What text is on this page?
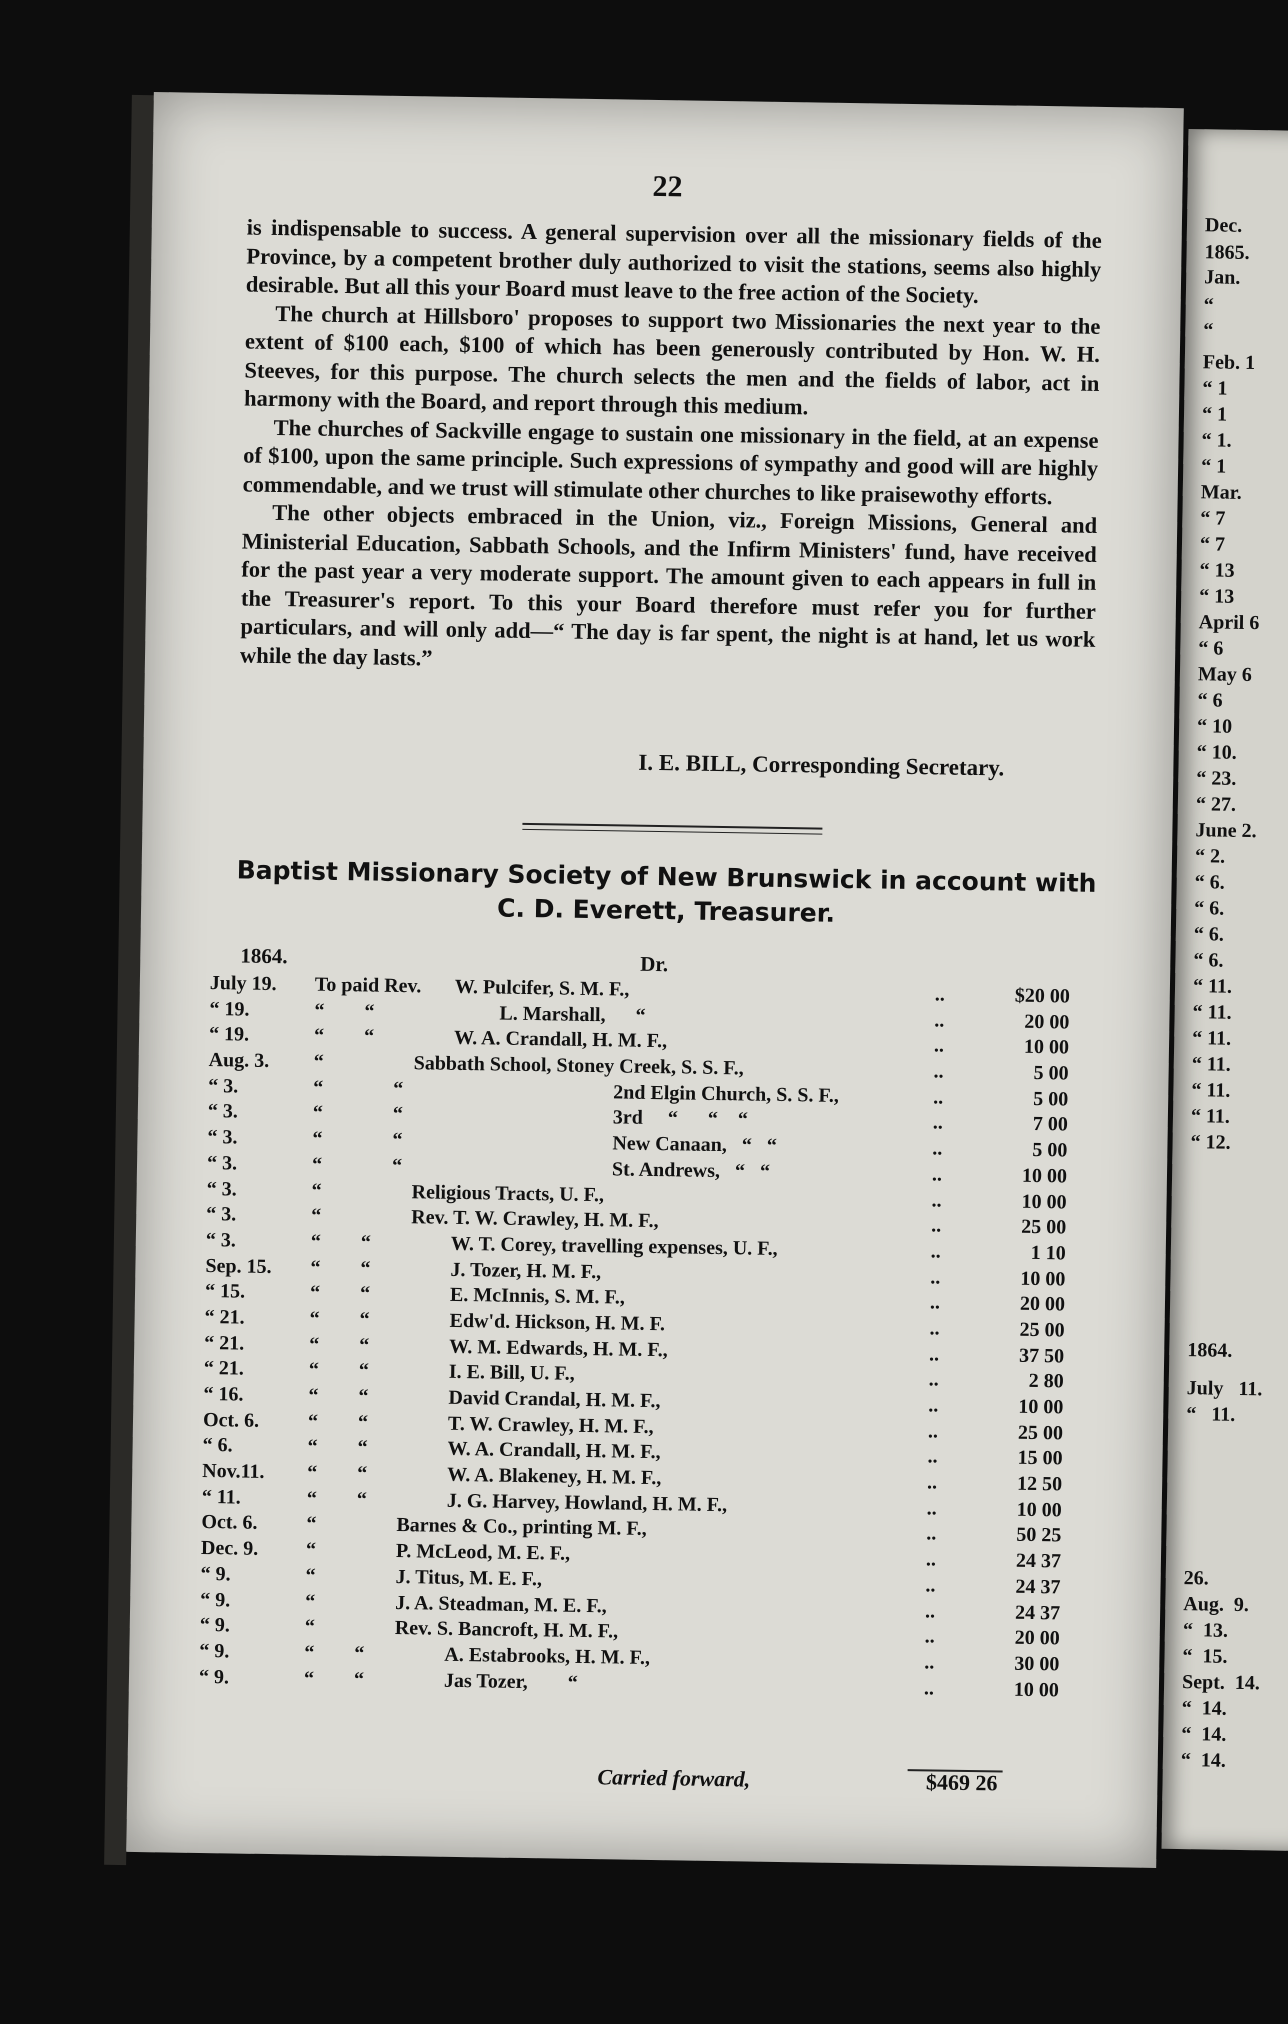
22

is indispensable to success. A general supervision over all the missionary fields of the Province, by a competent brother duly authorized to visit the stations, seems also highly desirable. But all this your Board must leave to the free action of the Society.

The church at Hillsboro' proposes to support two Missionaries the next year to the extent of $100 each, $100 of which has been generously contributed by Hon. W. H. Steeves, for this purpose. The church selects the men and the fields of labor, act in harmony with the Board, and report through this medium.

The churches of Sackville engage to sustain one missionary in the field, at an expense of $100, upon the same principle. Such expressions of sympathy and good will are highly commendable, and we trust will stimulate other churches to like praisewothy efforts.

The other objects embraced in the Union, viz., Foreign Missions, General and Ministerial Education, Sabbath Schools, and the Infirm Ministers' fund, have received for the past year a very moderate support. The amount given to each appears in full in the Treasurer's report. To this your Board therefore must refer you for further particulars, and will only add—“ The day is far spent, the night is at hand, let us work while the day lasts.”

I. E. BILL, Corresponding Secretary.
Baptist Missionary Society of New Brunswick in account with
C. D. Everett, Treasurer.
1864.	Dr.
July 19.	To paid Rev.	W. Pulcifer, S. M. F.,	..	$20 00
“ 19.	“        “	L. Marshall,      “	..	20 00
“ 19.	“        “	W. A. Crandall, H. M. F.,	..	10 00
Aug. 3.	“	Sabbath School, Stoney Creek, S. S. F.,	..	5 00
“ 3.	“              “	2nd Elgin Church, S. S. F.,	..	5 00
“ 3.	“              “	3rd     “      “    “	..	7 00
“ 3.	“              “	New Canaan,   “   “	..	5 00
“ 3.	“              “	St. Andrews,   “   “	..	10 00
“ 3.	“	Religious Tracts, U. F.,	..	10 00
“ 3.	“	Rev. T. W. Crawley, H. M. F.,	..	25 00
“ 3.	“        “	W. T. Corey, travelling expenses, U. F.,	..	1 10
Sep. 15.	“        “	J. Tozer, H. M. F.,	..	10 00
“ 15.	“        “	E. McInnis, S. M. F.,	..	20 00
“ 21.	“        “	Edw'd. Hickson, H. M. F.	..	25 00
“ 21.	“        “	W. M. Edwards, H. M. F.,	..	37 50
“ 21.	“        “	I. E. Bill, U. F.,	..	2 80
“ 16.	“        “	David Crandal, H. M. F.,	..	10 00
Oct. 6.	“        “	T. W. Crawley, H. M. F.,	..	25 00
“ 6.	“        “	W. A. Crandall, H. M. F.,	..	15 00
Nov.11.	“        “	W. A. Blakeney, H. M. F.,	..	12 50
“ 11.	“        “	J. G. Harvey, Howland, H. M. F.,	..	10 00
Oct. 6.	“	Barnes & Co., printing M. F.,	..	50 25
Dec. 9.	“	P. McLeod, M. E. F.,	..	24 37
“ 9.	“	J. Titus, M. E. F.,	..	24 37
“ 9.	“	J. A. Steadman, M. E. F.,	..	24 37
“ 9.	“	Rev. S. Bancroft, H. M. F.,	..	20 00
“ 9.	“        “	A. Estabrooks, H. M. F.,	..	30 00
“ 9.	“        “	Jas Tozer,        “	..	10 00
Carried forward,	$469 26
Dec.
1865.
Jan.
“
“
Feb. 1
“ 1
“ 1
“ 1.
“ 1
Mar.
“ 7
“ 7
“ 13
“ 13
April 6
“ 6
May 6
“ 6
“ 10
“ 10.
“ 23.
“ 27.
June 2.
“ 2.
“ 6.
“ 6.
“ 6.
“ 6.
“ 11.
“ 11.
“ 11.
“ 11.
“ 11.
“ 11.
“ 12.
1864.
July   11.
“   11.
26.
Aug.  9.
“  13.
“  15.
Sept.  14.
“  14.
“  14.
“  14.
